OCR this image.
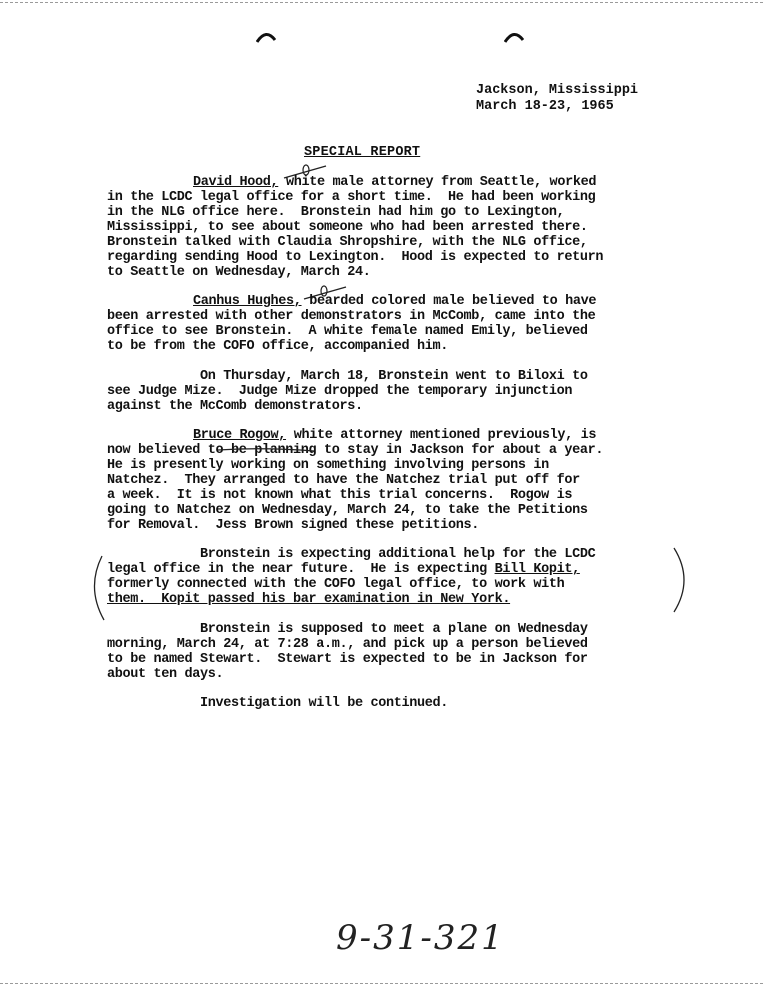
Jackson, Mississippi
March 18-23, 1965
SPECIAL REPORT
David Hood, white male attorney from Seattle, worked
in the LCDC legal office for a short time.  He had been working
in the NLG office here.  Bronstein had him go to Lexington,
Mississippi, to see about someone who had been arrested there.
Bronstein talked with Claudia Shropshire, with the NLG office,
regarding sending Hood to Lexington.  Hood is expected to return
to Seattle on Wednesday, March 24.
Canhus Hughes, bearded colored male believed to have
been arrested with other demonstrators in McComb, came into the
office to see Bronstein.  A white female named Emily, believed
to be from the COFO office, accompanied him.
On Thursday, March 18, Bronstein went to Biloxi to
see Judge Mize.  Judge Mize dropped the temporary injunction
against the McComb demonstrators.
Bruce Rogow, white attorney mentioned previously, is
now believed to be planning to stay in Jackson for about a year.
He is presently working on something involving persons in
Natchez.  They arranged to have the Natchez trial put off for
a week.  It is not known what this trial concerns.  Rogow is
going to Natchez on Wednesday, March 24, to take the Petitions
for Removal.  Jess Brown signed these petitions.
Bronstein is expecting additional help for the LCDC
legal office in the near future.  He is expecting Bill Kopit,
formerly connected with the COFO legal office, to work with
them.  Kopit passed his bar examination in New York.
Bronstein is supposed to meet a plane on Wednesday
morning, March 24, at 7:28 a.m., and pick up a person believed
to be named Stewart.  Stewart is expected to be in Jackson for
about ten days.
Investigation will be continued.
9-31-321
